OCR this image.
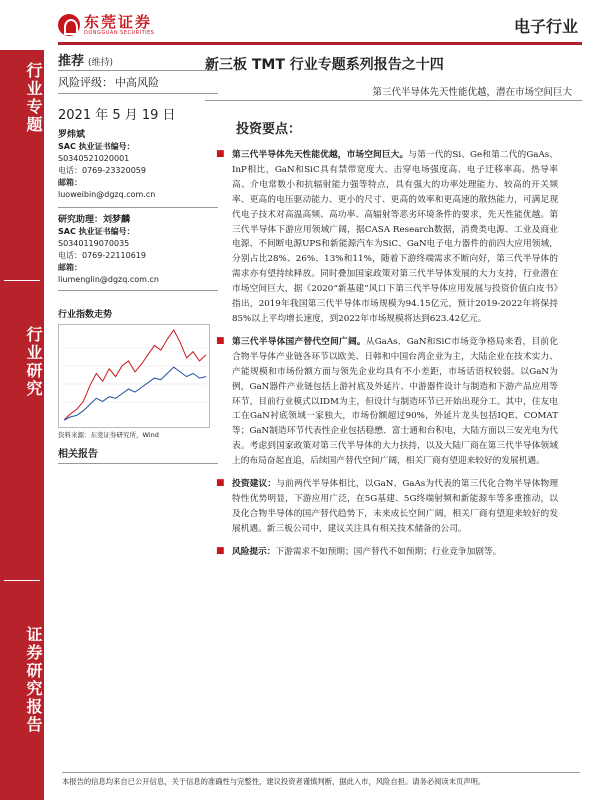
东莞证券
DONGGUAN SECURITIES	电子行业
行业专题
行业研究
证券研究报告
推荐 (维持)
风险评级： 中高风险
2021 年 5 月 19 日
罗炜斌
SAC 执业证书编号：
S0340521020001
电话：0769-23320059
邮箱：
luoweibin@dgzq.com.cn
研究助理：刘梦麟
SAC 执业证书编号：
S0340119070035
电话：0769-22110619
邮箱：
liumenglin@dgzq.com.cn
行业指数走势
资料来源：东莞证券研究所，Wind
相关报告
新三板 TMT 行业专题系列报告之十四
第三代半导体先天性能优越，潜在市场空间巨大
投资要点：
■ 第三代半导体先天性能优越，市场空间巨大。与第一代的Si、Ge和第二代的GaAs、InP相比，GaN和SiC具有禁带宽度大、击穿电场强度高、电子迁移率高、热导率高、介电常数小和抗辐射能力强等特点，具有强大的功率处理能力、较高的开关频率、更高的电压驱动能力、更小的尺寸、更高的效率和更高速的散热能力，可满足现代电子技术对高温高频、高功率、高辐射等恶劣环境条件的要求，先天性能优越。第三代半导体下游应用领域广阔，据CASA Research数据，消费类电源、工业及商业电源、不间断电源UPS和新能源汽车为SiC、GaN电子电力器件的前四大应用领域，分别占比28%、26%、13%和11%，随着下游终端需求不断向好，第三代半导体的需求亦有望持续释放。同时叠加国家政策对第三代半导体发展的大力支持，行业潜在市场空间巨大，据《2020“新基建”风口下第三代半导体应用发展与投资价值白皮书》指出，2019年我国第三代半导体市场规模为94.15亿元，预计2019-2022年将保持85%以上平均增长速度，到2022年市场规模将达到623.42亿元。
■ 第三代半导体国产替代空间广阔。从GaAs、GaN和SiC市场竞争格局来看，目前化合物半导体产业链各环节以欧美、日韩和中国台湾企业为主，大陆企业在技术实力、产能规模和市场份额方面与领先企业均具有不小差距，市场话语权较弱。以GaN为例，GaN器件产业链包括上游衬底及外延片、中游器件设计与制造和下游产品应用等环节，目前行业模式以IDM为主，但设计与制造环节已开始出现分工。其中，住友电工在GaN衬底领域一家独大，市场份额超过90%，外延片龙头包括IQE、COMAT等；GaN制造环节代表性企业包括稳懋、富士通和台积电，大陆方面以三安光电为代表。考虑到国家政策对第三代半导体的大力扶持，以及大陆厂商在第三代半导体领域上的布局奋起直追，后续国产替代空间广阔，相关厂商有望迎来较好的发展机遇。
■ 投资建议：与前两代半导体相比，以GaN、GaAs为代表的第三代化合物半导体物理特性优势明显，下游应用广泛，在5G基建、5G终端射频和新能源车等多重推动，以及化合物半导体的国产替代趋势下，未来成长空间广阔，相关厂商有望迎来较好的发展机遇。新三板公司中，建议关注具有相关技术储备的公司。
■ 风险提示：下游需求不如预期；国产替代不如预期；行业竞争加剧等。
本报告的信息均来自已公开信息，关于信息的准确性与完整性，建议投资者谨慎判断，据此入市，风险自担。请务必阅读末页声明。
